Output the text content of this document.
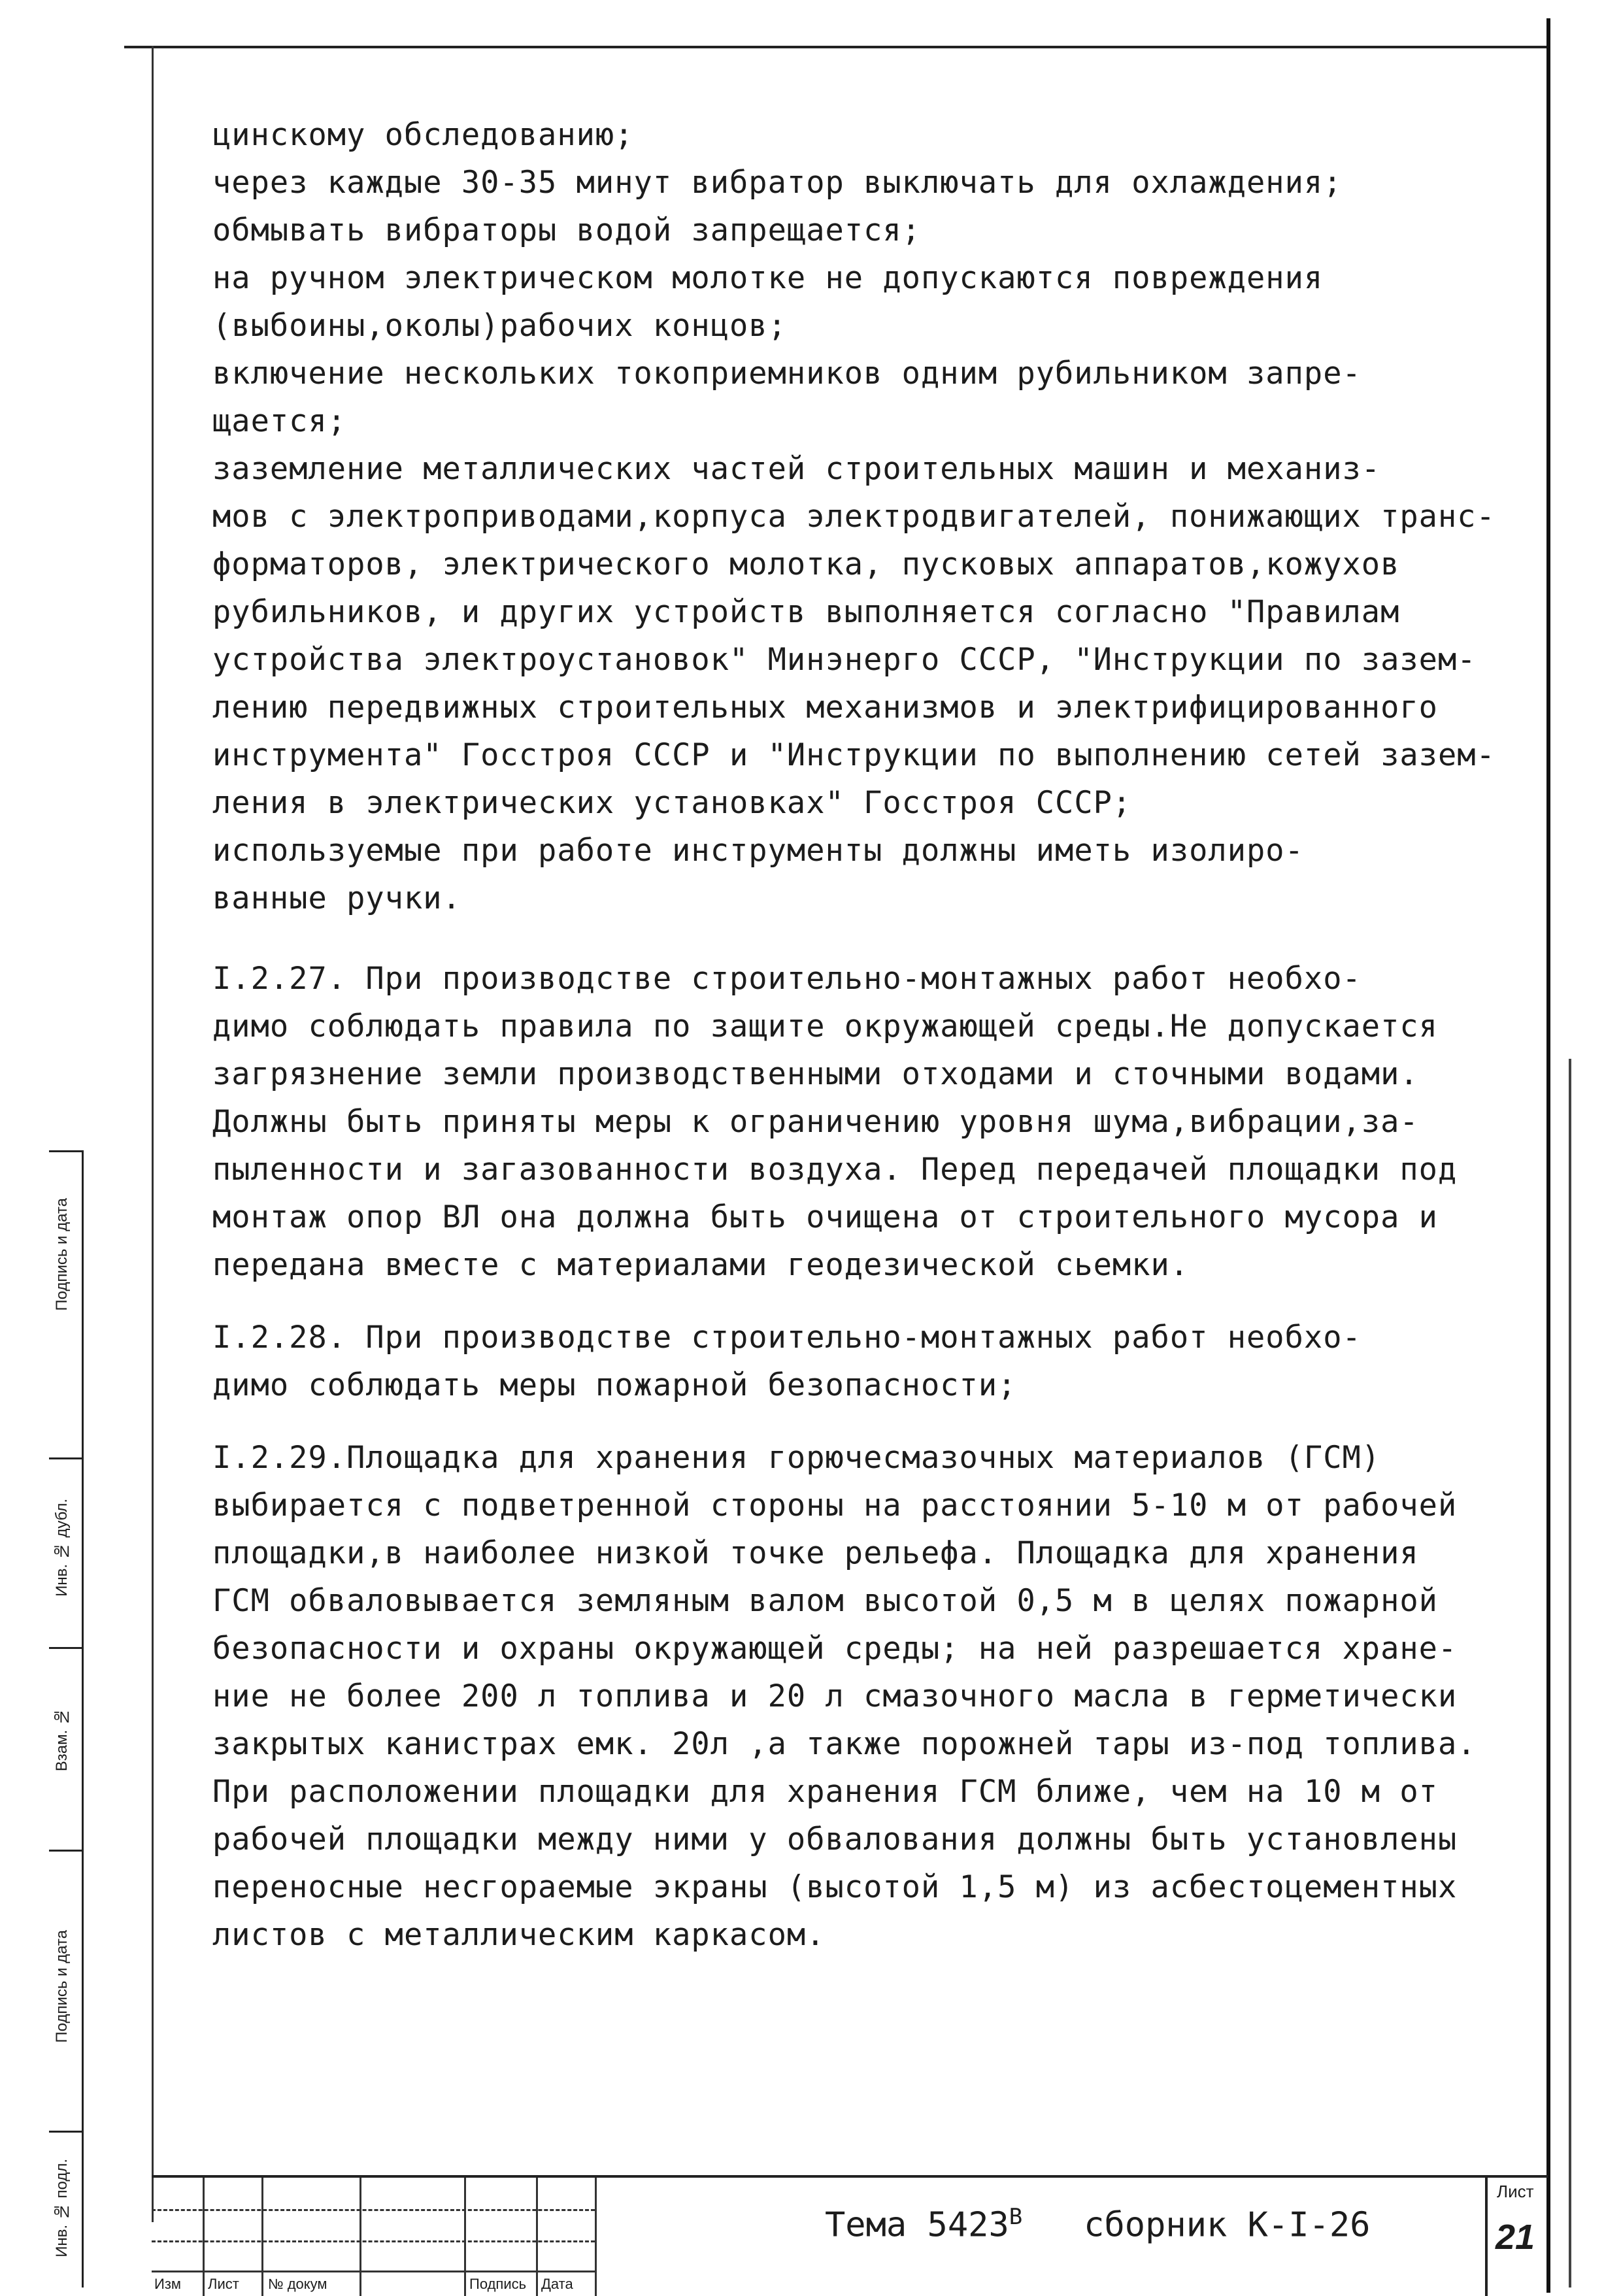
цинскому обследованию;

через каждые 30-35 минут вибратор выключать для охлаждения;

обмывать вибраторы водой запрещается;

на ручном электрическом молотке не допускаются повреждения

(выбоины,околы)рабочих концов;

включение нескольких токоприемников одним рубильником запре-

щается;

заземление металлических частей строительных машин и механиз-

мов с электроприводами,корпуса электродвигателей, понижающих транс-

форматоров, электрического молотка, пусковых аппаратов,кожухов

рубильников, и других устройств выполняется согласно "Правилам

устройства электроустановок" Минэнерго СССР, "Инструкции по зазем-

лению передвижных строительных механизмов и электрифицированного

инструмента" Госстроя СССР и "Инструкции по выполнению сетей зазем-

ления в электрических установках" Госстроя СССР;

используемые при работе инструменты должны иметь изолиро-

ванные ручки.

I.2.27. При производстве строительно-монтажных работ необхо-

димо соблюдать правила по защите окружающей среды.Не допускается

загрязнение земли производственными отходами и сточными водами.

Должны быть приняты меры к ограничению уровня шума,вибрации,за-

пыленности и загазованности воздуха. Перед передачей площадки под

монтаж опор ВЛ она должна быть очищена от строительного мусора и

передана вместе с материалами геодезической сьемки.

I.2.28. При производстве строительно-монтажных работ необхо-

димо соблюдать меры пожарной безопасности;

I.2.29.Площадка для хранения горючесмазочных материалов (ГСМ)

выбирается с подветренной стороны на расстоянии 5-10 м от рабочей

площадки,в наиболее низкой точке рельефа. Площадка для хранения

ГСМ обваловывается земляным валом высотой 0,5 м в целях пожарной

безопасности и охраны окружающей среды; на ней разрешается хране-

ние не более 200 л топлива и 20 л смазочного масла в герметически

закрытых канистрах емк. 20л ,а также порожней тары из-под топлива.

При расположении площадки для хранения ГСМ ближе, чем на 10 м от

рабочей площадки между ними у обвалования должны быть установлены

переносные несгораемые экраны (высотой 1,5 м) из асбестоцементных

листов с металлическим каркасом.

Подпись и дата
Инв. № дубл.
Взам. №
Подпись и дата
Инв. № подл.
Изм Лист № докум	Подпись Дата
Тема $5423^В$ сборник К-I-26
Лист
21
